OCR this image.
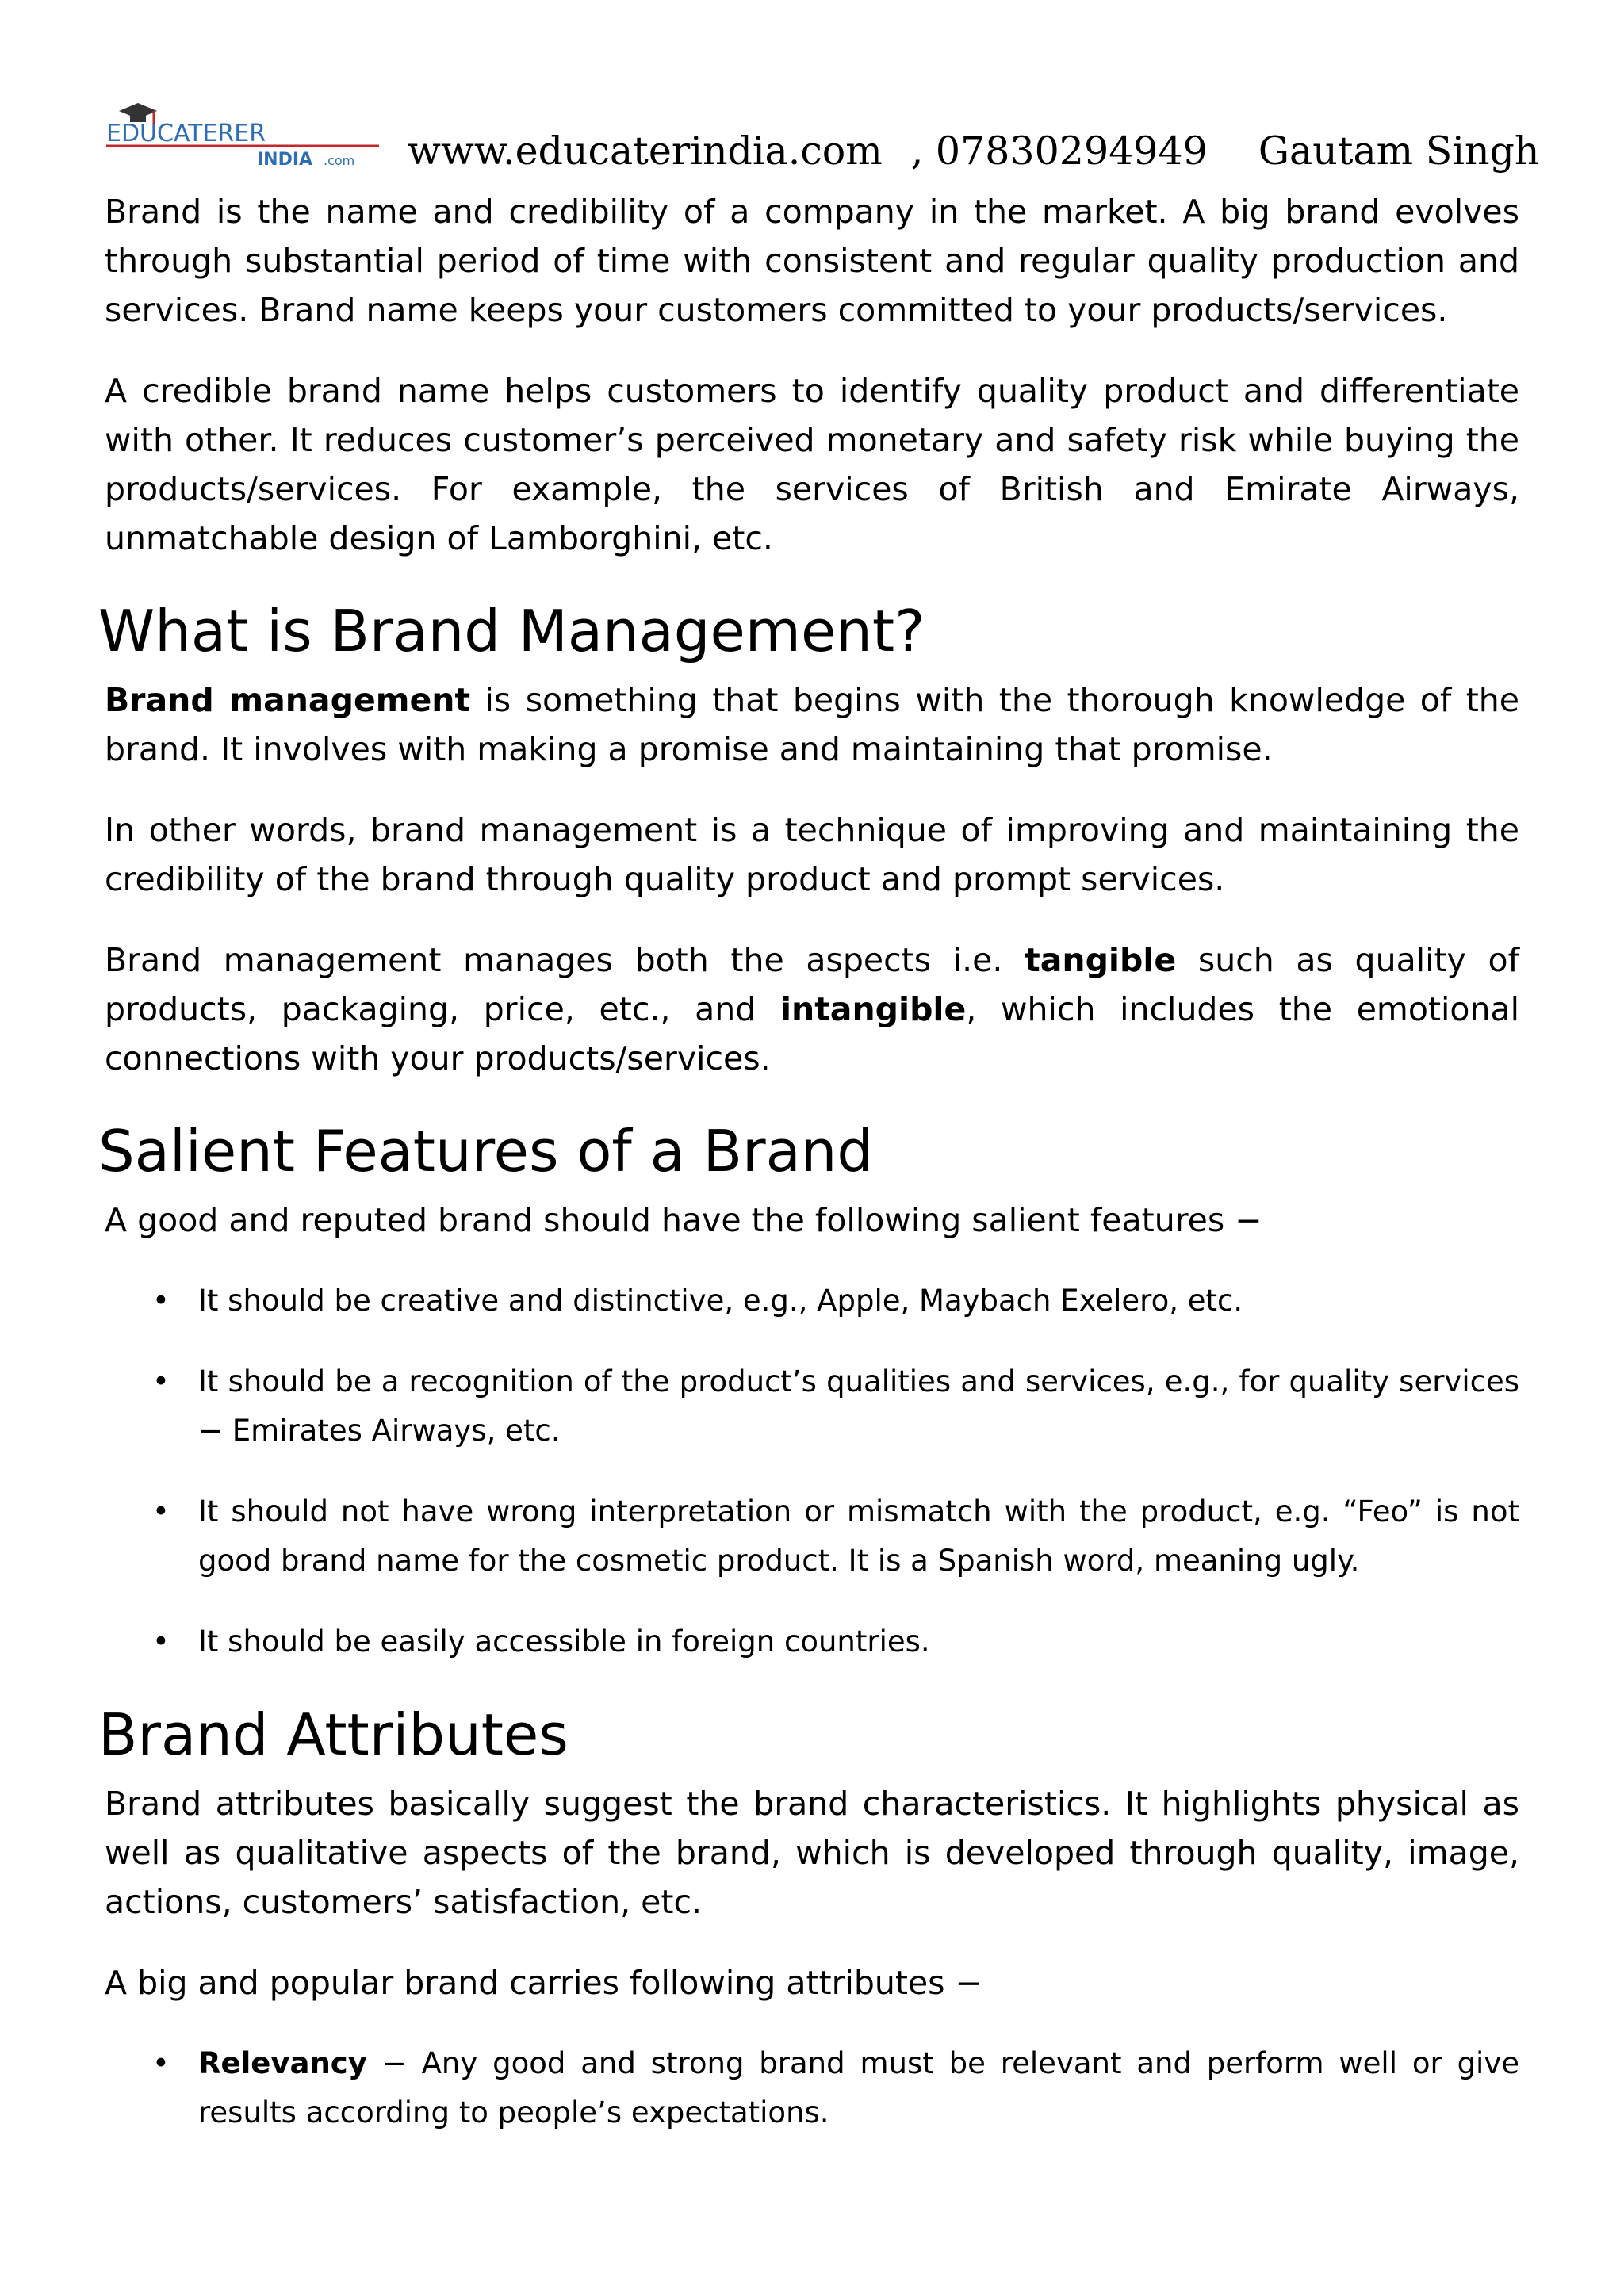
EDUCATERER
INDIA .com www.educaterindia.com , 07830294949 Gautam Singh

Brand is the name and credibility of a company in the market. A big brand evolves through substantial period of time with consistent and regular quality production and services. Brand name keeps your customers committed to your products/services.

A credible brand name helps customers to identify quality product and differentiate with other. It reduces customer’s perceived monetary and safety risk while buying the products/services. For example, the services of British and Emirate Airways, unmatchable design of Lamborghini, etc.

What is Brand Management?

Brand management is something that begins with the thorough knowledge of the brand. It involves with making a promise and maintaining that promise.

In other words, brand management is a technique of improving and maintaining the credibility of the brand through quality product and prompt services.

Brand management manages both the aspects i.e. tangible such as quality of products, packaging, price, etc., and intangible, which includes the emotional connections with your products/services.

Salient Features of a Brand

A good and reputed brand should have the following salient features −

• It should be creative and distinctive, e.g., Apple, Maybach Exelero, etc.
• It should be a recognition of the product’s qualities and services, e.g., for quality services − Emirates Airways, etc.
• It should not have wrong interpretation or mismatch with the product, e.g. “Feo” is not good brand name for the cosmetic product. It is a Spanish word, meaning ugly.
• It should be easily accessible in foreign countries.
Brand Attributes

Brand attributes basically suggest the brand characteristics. It highlights physical as well as qualitative aspects of the brand, which is developed through quality, image, actions, customers’ satisfaction, etc.

A big and popular brand carries following attributes −

• Relevancy − Any good and strong brand must be relevant and perform well or give results according to people’s expectations.
